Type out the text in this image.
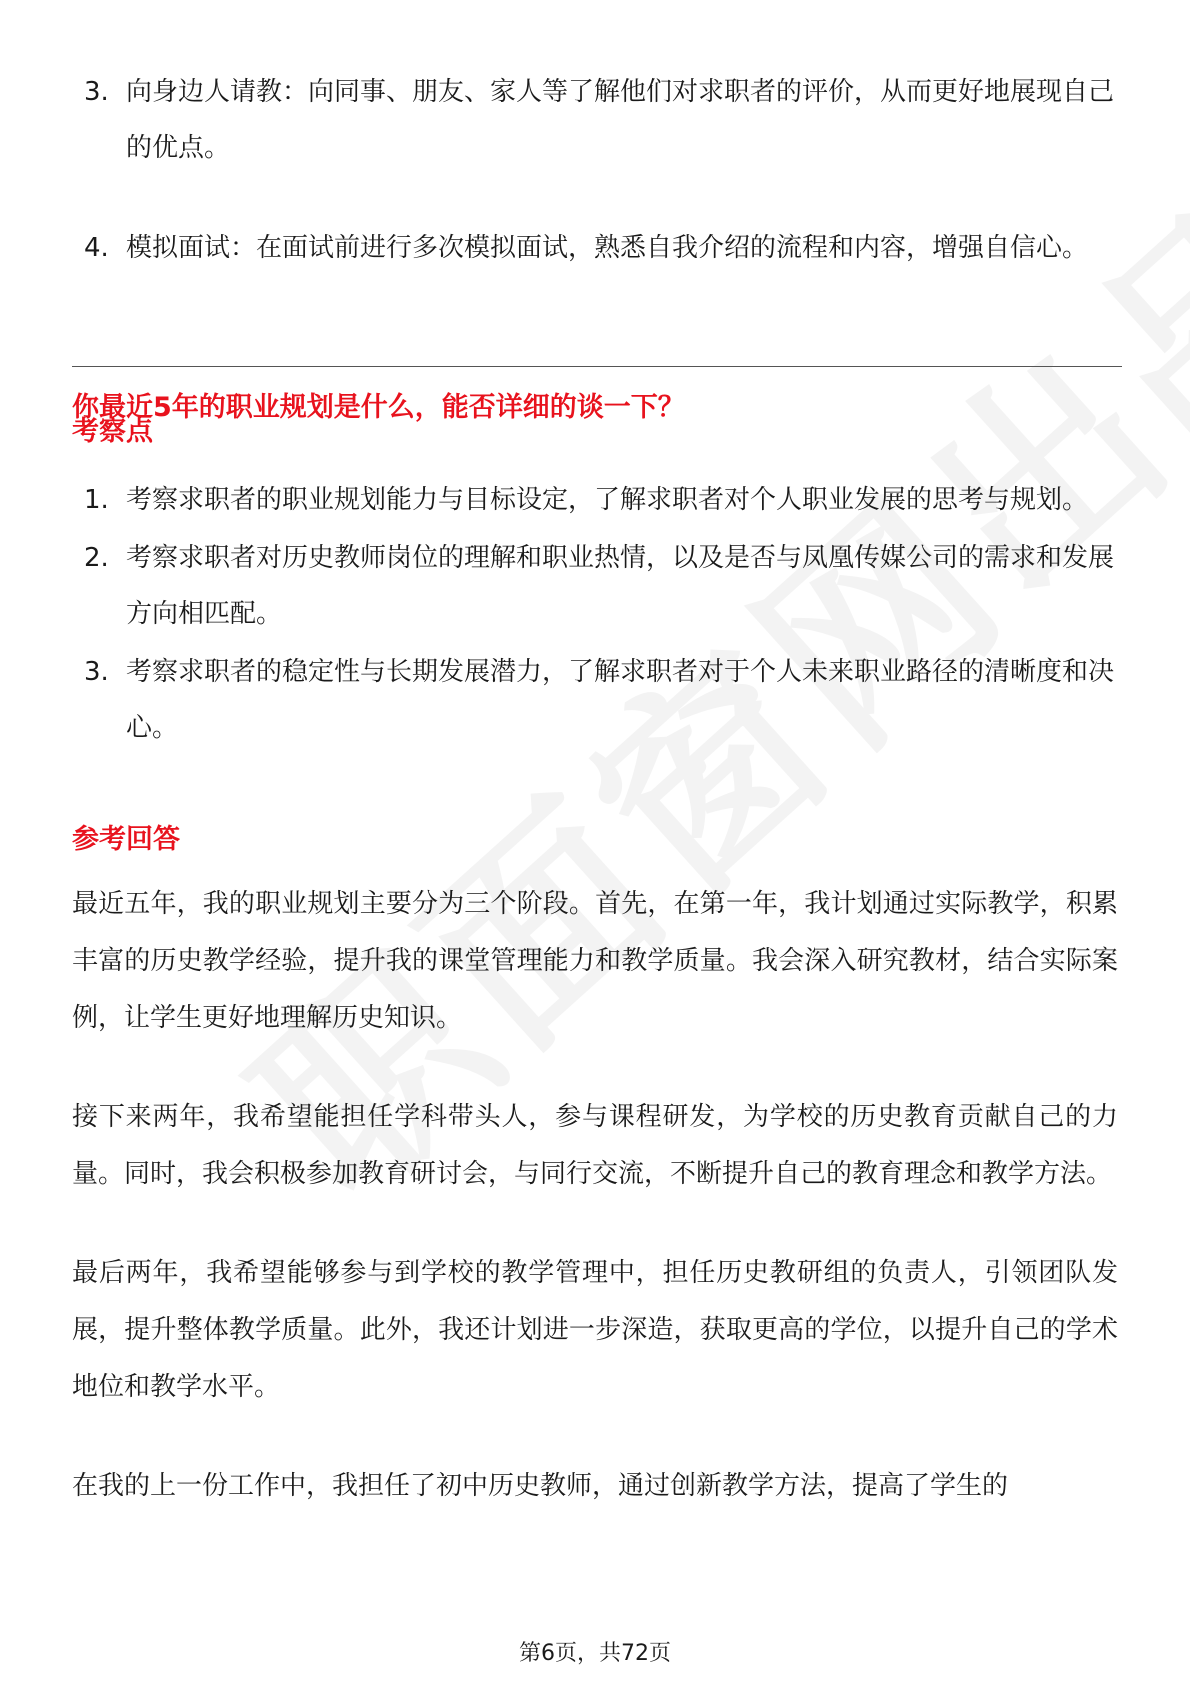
3. 向身边人请教：向同事、朋友、家人等了解他们对求职者的评价，从而更好地展现自己的优点。
4. 模拟面试：在面试前进行多次模拟面试，熟悉自我介绍的流程和内容，增强自信心。
你最近5年的职业规划是什么，能否详细的谈一下？
考察点
1. 考察求职者的职业规划能力与目标设定，了解求职者对个人职业发展的思考与规划。
2. 考察求职者对历史教师岗位的理解和职业热情，以及是否与凤凰传媒公司的需求和发展方向相匹配。
3. 考察求职者的稳定性与长期发展潜力，了解求职者对于个人未来职业路径的清晰度和决心。
参考回答

最近五年，我的职业规划主要分为三个阶段。首先，在第一年，我计划通过实际教学，积累丰富的历史教学经验，提升我的课堂管理能力和教学质量。我会深入研究教材，结合实际案例，让学生更好地理解历史知识。

接下来两年，我希望能担任学科带头人，参与课程研发，为学校的历史教育贡献自己的力量。同时，我会积极参加教育研讨会，与同行交流，不断提升自己的教育理念和教学方法。

最后两年，我希望能够参与到学校的教学管理中，担任历史教研组的负责人，引领团队发展，提升整体教学质量。此外，我还计划进一步深造，获取更高的学位，以提升自己的学术地位和教学水平。

在我的上一份工作中，我担任了初中历史教师，通过创新教学方法，提高了学生的

第6页，共72页
